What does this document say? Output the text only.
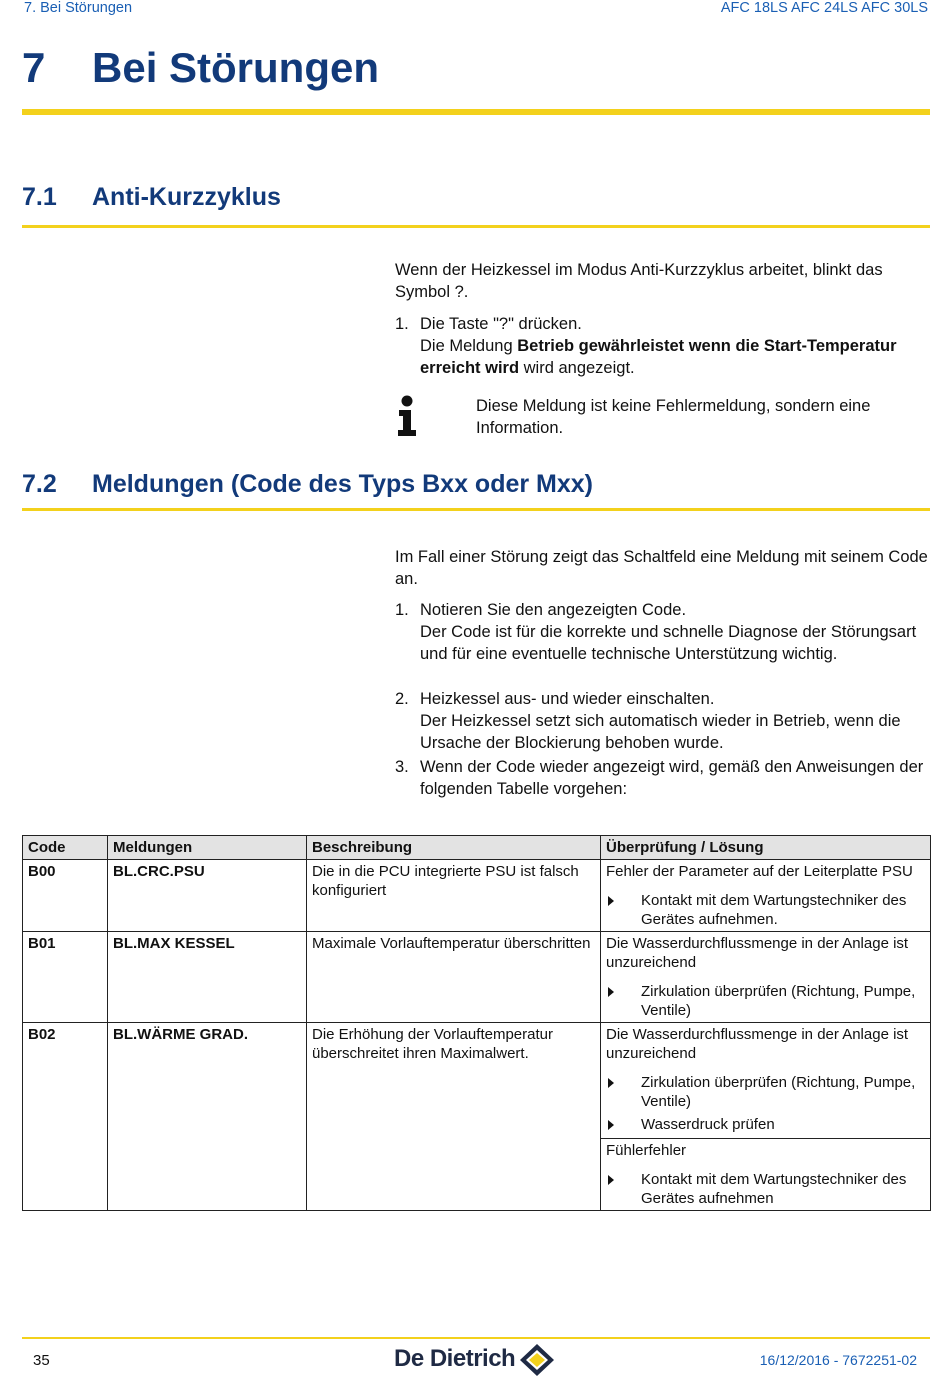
7. Bei Störungen	AFC 18LS AFC 24LS AFC 30LS
7 Bei Störungen
7.1 Anti-Kurzzyklus
Wenn der Heizkessel im Modus Anti-Kurzzyklus arbeitet, blinkt das Symbol ?.
1. Die Taste "?" drücken.
Die Meldung Betrieb gewährleistet wenn die Start-Temperatur erreicht wird wird angezeigt.
Diese Meldung ist keine Fehlermeldung, sondern eine Information.
7.2 Meldungen (Code des Typs Bxx oder Mxx)
Im Fall einer Störung zeigt das Schaltfeld eine Meldung mit seinem Code an.
1. Notieren Sie den angezeigten Code.
Der Code ist für die korrekte und schnelle Diagnose der Störungsart und für eine eventuelle technische Unterstützung wichtig.
2. Heizkessel aus- und wieder einschalten.
Der Heizkessel setzt sich automatisch wieder in Betrieb, wenn die Ursache der Blockierung behoben wurde.
3. Wenn der Code wieder angezeigt wird, gemäß den Anweisungen der folgenden Tabelle vorgehen:
Code	Meldungen	Beschreibung	Überprüfung / Lösung
B00	BL.CRC.PSU	Die in die PCU integrierte PSU ist falsch konfiguriert	Fehler der Parameter auf der Leiterplatte PSU
Kontakt mit dem Wartungstechniker des Gerätes aufnehmen.

B01	BL.MAX KESSEL	Maximale Vorlauftemperatur überschritten	Die Wasserdurchflussmenge in der Anlage ist unzureichend
Zirkulation überprüfen (Richtung, Pumpe, Ventile)

B02	BL.WÄRME GRAD.	Die Erhöhung der Vorlauftemperatur überschreitet ihren Maximalwert.	Die Wasserdurchflussmenge in der Anlage ist unzureichend
Zirkulation überprüfen (Richtung, Pumpe, Ventile)
Wasserdruck prüfen
Fühlerfehler
Kontakt mit dem Wartungstechniker des Gerätes aufnehmen
35	De Dietrich	16/12/2016 - 7672251-02
